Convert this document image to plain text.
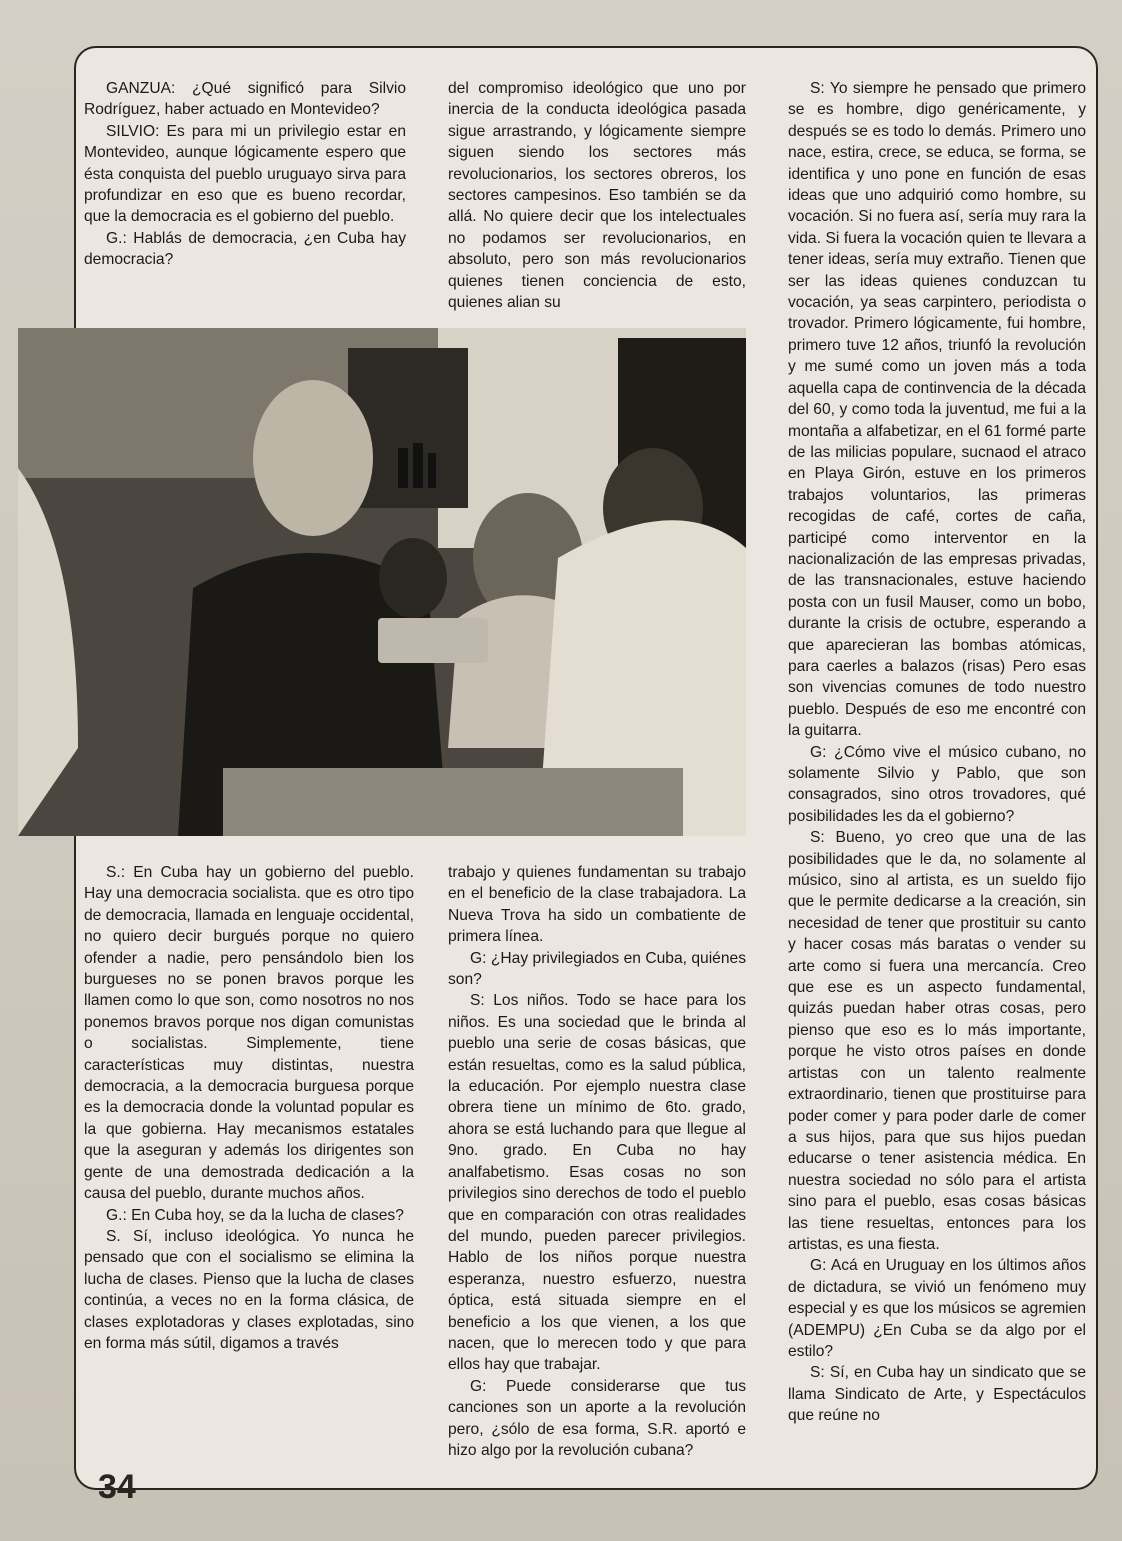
GANZUA: ¿Qué significó para Silvio Rodríguez, haber actuado en Montevideo?

SILVIO: Es para mi un privilegio estar en Montevideo, aunque lógicamente espero que ésta conquista del pueblo uruguayo sirva para profundizar en eso que es bueno recordar, que la democracia es el gobierno del pueblo.

G.: Hablás de democracia, ¿en Cuba hay democracia?

del compromiso ideológico que uno por inercia de la conducta ideológica pasada sigue arrastrando, y lógicamente siempre siguen siendo los sectores más revolucionarios, los sectores obreros, los sectores campesinos. Eso también se da allá. No quiere decir que los intelectuales no podamos ser revolucionarios, en absoluto, pero son más revolucionarios quienes tienen conciencia de esto, quienes alian su

S: Yo siempre he pensado que primero se es hombre, digo genéricamente, y después se es todo lo demás. Primero uno nace, estira, crece, se educa, se forma, se identifica y uno pone en función de esas ideas que uno adquirió como hombre, su vocación. Si no fuera así, sería muy rara la vida. Si fuera la vocación quien te llevara a tener ideas, sería muy extraño. Tienen que ser las ideas quienes conduzcan tu vocación, ya seas carpintero, periodista o trovador. Primero lógicamente, fui hombre, primero tuve 12 años, triunfó la revolución y me sumé como un joven más a toda aquella capa de continvencia de la década del 60, y como toda la juventud, me fui a la montaña a alfabetizar, en el 61 formé parte de las milicias populare, sucnaod el atraco en Playa Girón, estuve en los primeros trabajos voluntarios, las primeras recogidas de café, cortes de caña, participé como interventor en la nacionalización de las empresas privadas, de las transnacionales, estuve haciendo posta con un fusil Mauser, como un bobo, durante la crisis de octubre, esperando a que aparecieran las bombas atómicas, para caerles a balazos (risas) Pero esas son vivencias comunes de todo nuestro pueblo. Después de eso me encontré con la guitarra.

G: ¿Cómo vive el músico cubano, no solamente Silvio y Pablo, que son consagrados, sino otros trovadores, qué posibilidades les da el gobierno?

S: Bueno, yo creo que una de las posibilidades que le da, no solamente al músico, sino al artista, es un sueldo fijo que le permite dedicarse a la creación, sin necesidad de tener que prostituir su canto y hacer cosas más baratas o vender su arte como si fuera una mercancía. Creo que ese es un aspecto fundamental, quizás puedan haber otras cosas, pero pienso que eso es lo más importante, porque he visto otros países en donde artistas con un talento realmente extraordinario, tienen que prostituirse para poder comer y para poder darle de comer a sus hijos, para que sus hijos puedan educarse o tener asistencia médica. En nuestra sociedad no sólo para el artista sino para el pueblo, esas cosas básicas las tiene resueltas, entonces para los artistas, es una fiesta.

G: Acá en Uruguay en los últimos años de dictadura, se vivió un fenómeno muy especial y es que los músicos se agremien (ADEMPU) ¿En Cuba se da algo por el estilo?

S: Sí, en Cuba hay un sindicato que se llama Sindicato de Arte, y Espectáculos que reúne no

S.: En Cuba hay un gobierno del pueblo. Hay una democracia socialista. que es otro tipo de democracia, llamada en lenguaje occidental, no quiero decir burgués porque no quiero ofender a nadie, pero pensándolo bien los burgueses no se ponen bravos porque les llamen como lo que son, como nosotros no nos ponemos bravos porque nos digan comunistas o socialistas. Simplemente, tiene características muy distintas, nuestra democracia, a la democracia burguesa porque es la democracia donde la voluntad popular es la que gobierna. Hay mecanismos estatales que la aseguran y además los dirigentes son gente de una demostrada dedicación a la causa del pueblo, durante muchos años.

G.: En Cuba hoy, se da la lucha de clases?

S. Sí, incluso ideológica. Yo nunca he pensado que con el socialismo se elimina la lucha de clases. Pienso que la lucha de clases continúa, a veces no en la forma clásica, de clases explotadoras y clases explotadas, sino en forma más sútil, digamos a través

trabajo y quienes fundamentan su trabajo en el beneficio de la clase trabajadora. La Nueva Trova ha sido un combatiente de primera línea.

G: ¿Hay privilegiados en Cuba, quiénes son?

S: Los niños. Todo se hace para los niños. Es una sociedad que le brinda al pueblo una serie de cosas básicas, que están resueltas, como es la salud pública, la educación. Por ejemplo nuestra clase obrera tiene un mínimo de 6to. grado, ahora se está luchando para que llegue al 9no. grado. En Cuba no hay analfabetismo. Esas cosas no son privilegios sino derechos de todo el pueblo que en comparación con otras realidades del mundo, pueden parecer privilegios. Hablo de los niños porque nuestra esperanza, nuestro esfuerzo, nuestra óptica, está situada siempre en el beneficio a los que vienen, a los que nacen, que lo merecen todo y que para ellos hay que trabajar.

G: Puede considerarse que tus canciones son un aporte a la revolución pero, ¿sólo de esa forma, S.R. aportó e hizo algo por la revolución cubana?

34
